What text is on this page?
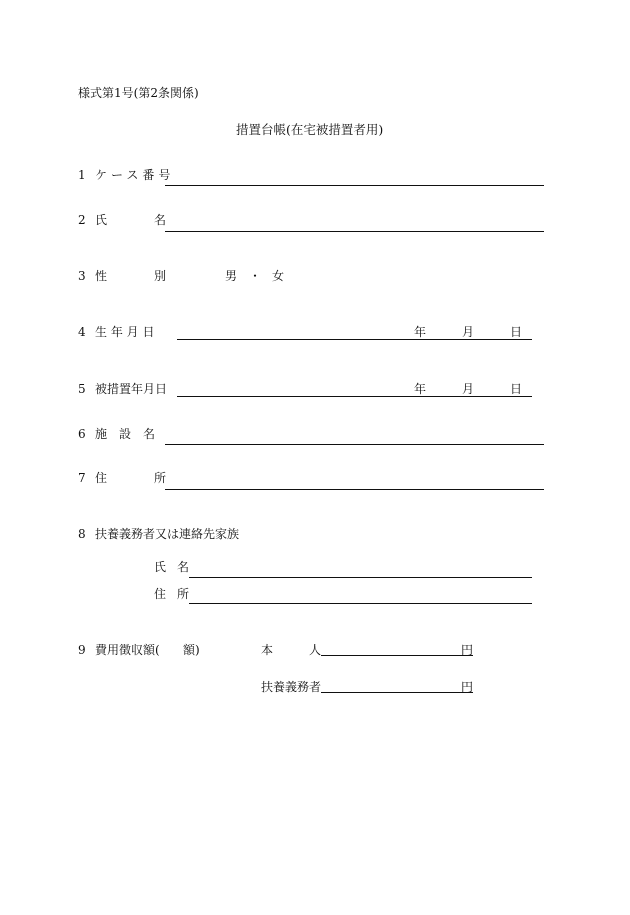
様式第1号(第2条関係)
措置台帳(在宅被措置者用)
1 ケース番号
2 氏	名
3 性	別	男 ・ 女
4 生 年 月 日	年	月	日
5 被措置年月日	年	月	日
6 施　設　名
7 住	所
8 扶養義務者又は連絡先家族
氏 名
住 所
9 費用徴収額( 額)	本	人	円
扶養義務者	円
